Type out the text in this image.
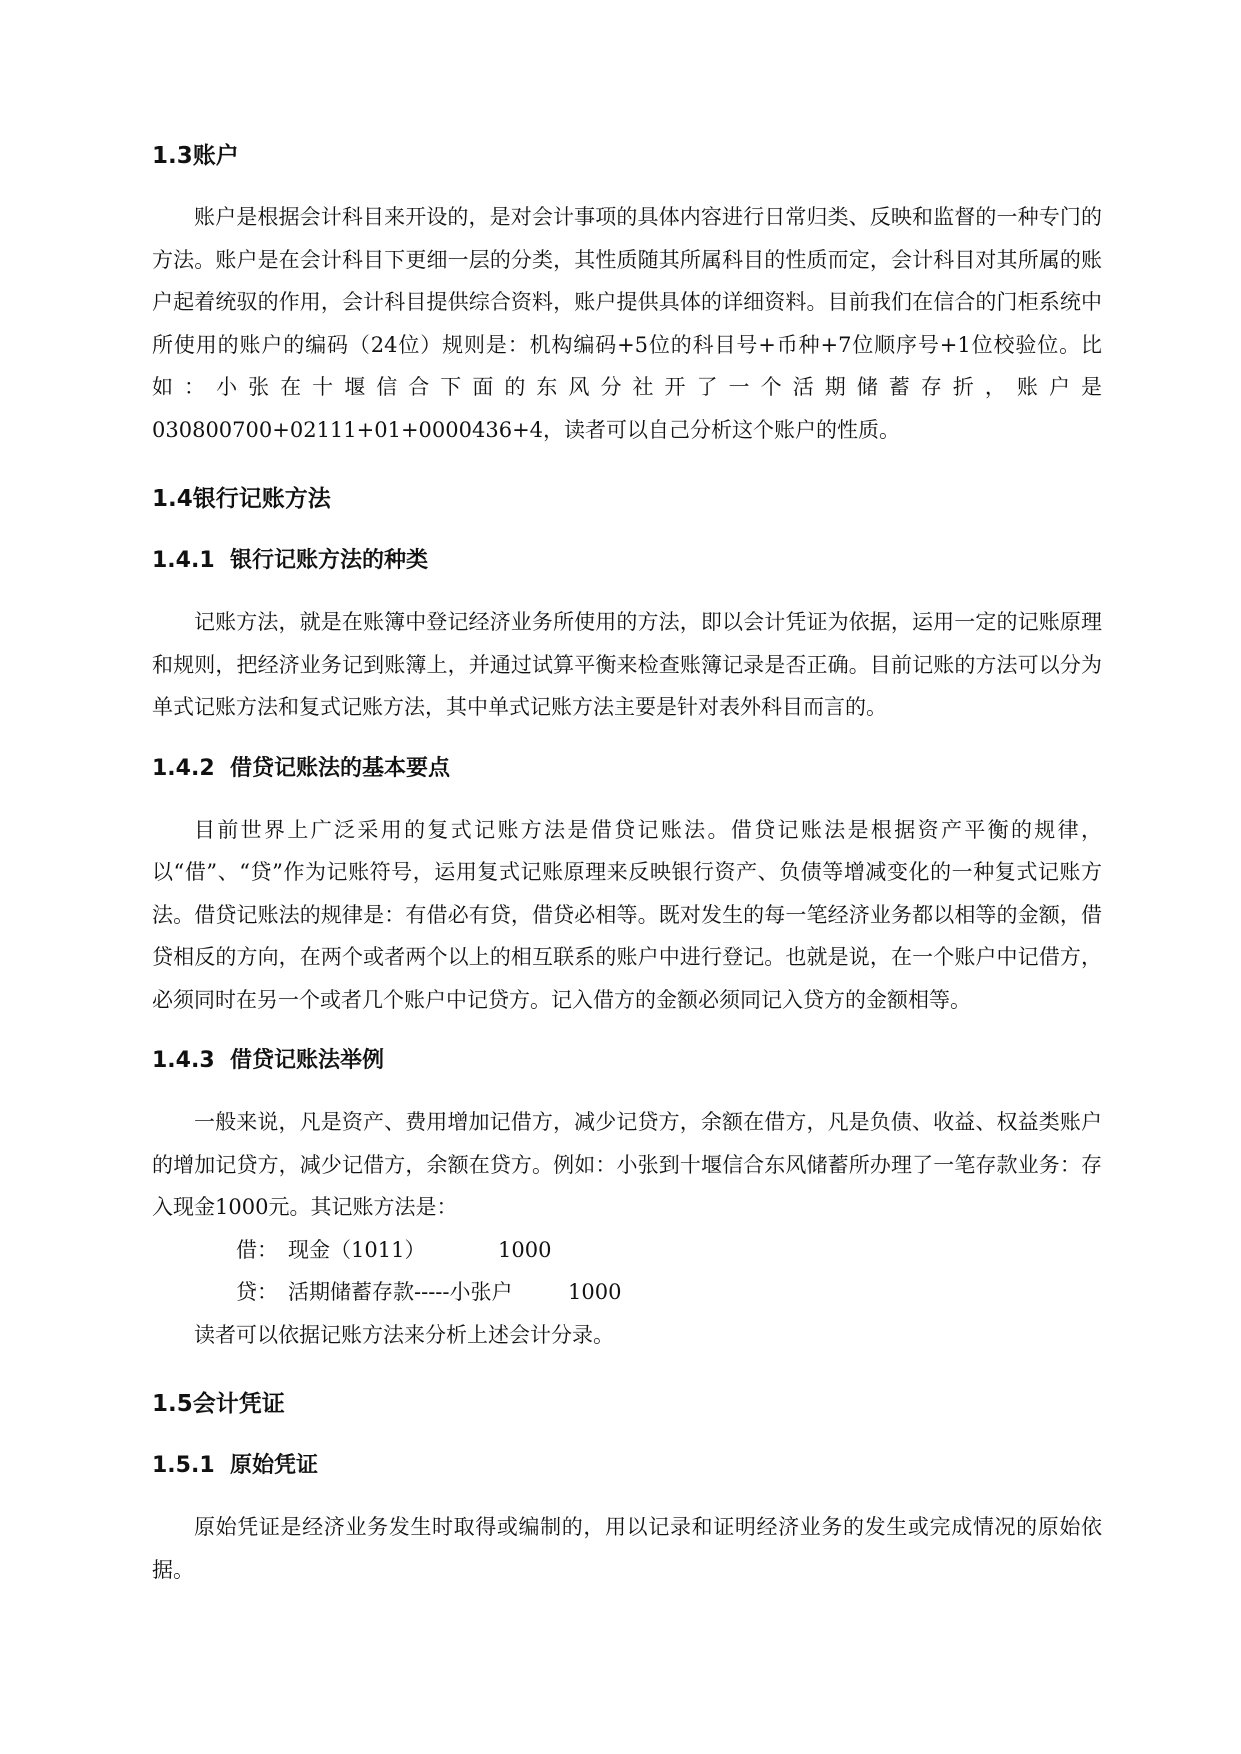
1.3账户

账户是根据会计科目来开设的，是对会计事项的具体内容进行日常归类、反映和监督的一种专门的方法。账户是在会计科目下更细一层的分类，其性质随其所属科目的性质而定，会计科目对其所属的账户起着统驭的作用，会计科目提供综合资料，账户提供具体的详细资料。目前我们在信合的门柜系统中所使用的账户的编码（24位）规则是：机构编码+5位的科目号+币种+7位顺序号+1位校验位。比如：小张在十堰信合下面的东风分社开了一个活期储蓄存折，账户是030800700+02111+01+0000436+4，读者可以自己分析这个账户的性质。

1.4银行记账方法
1.4.1 银行记账方法的种类

记账方法，就是在账簿中登记经济业务所使用的方法，即以会计凭证为依据，运用一定的记账原理和规则，把经济业务记到账簿上，并通过试算平衡来检查账簿记录是否正确。目前记账的方法可以分为单式记账方法和复式记账方法，其中单式记账方法主要是针对表外科目而言的。

1.4.2 借贷记账法的基本要点

目前世界上广泛采用的复式记账方法是借贷记账法。借贷记账法是根据资产平衡的规律，以“借”、“贷”作为记账符号，运用复式记账原理来反映银行资产、负债等增减变化的一种复式记账方法。借贷记账法的规律是：有借必有贷，借贷必相等。既对发生的每一笔经济业务都以相等的金额，借贷相反的方向，在两个或者两个以上的相互联系的账户中进行登记。也就是说，在一个账户中记借方，必须同时在另一个或者几个账户中记贷方。记入借方的金额必须同记入贷方的金额相等。

1.4.3 借贷记账法举例

一般来说，凡是资产、费用增加记借方，减少记贷方，余额在借方，凡是负债、收益、权益类账户的增加记贷方，减少记借方，余额在贷方。例如：小张到十堰信合东风储蓄所办理了一笔存款业务：存入现金1000元。其记账方法是：

借： 现金（1011）	1000
贷： 活期储蓄存款-----小张户	1000

读者可以依据记账方法来分析上述会计分录。

1.5会计凭证
1.5.1 原始凭证

原始凭证是经济业务发生时取得或编制的，用以记录和证明经济业务的发生或完成情况的原始依据。
